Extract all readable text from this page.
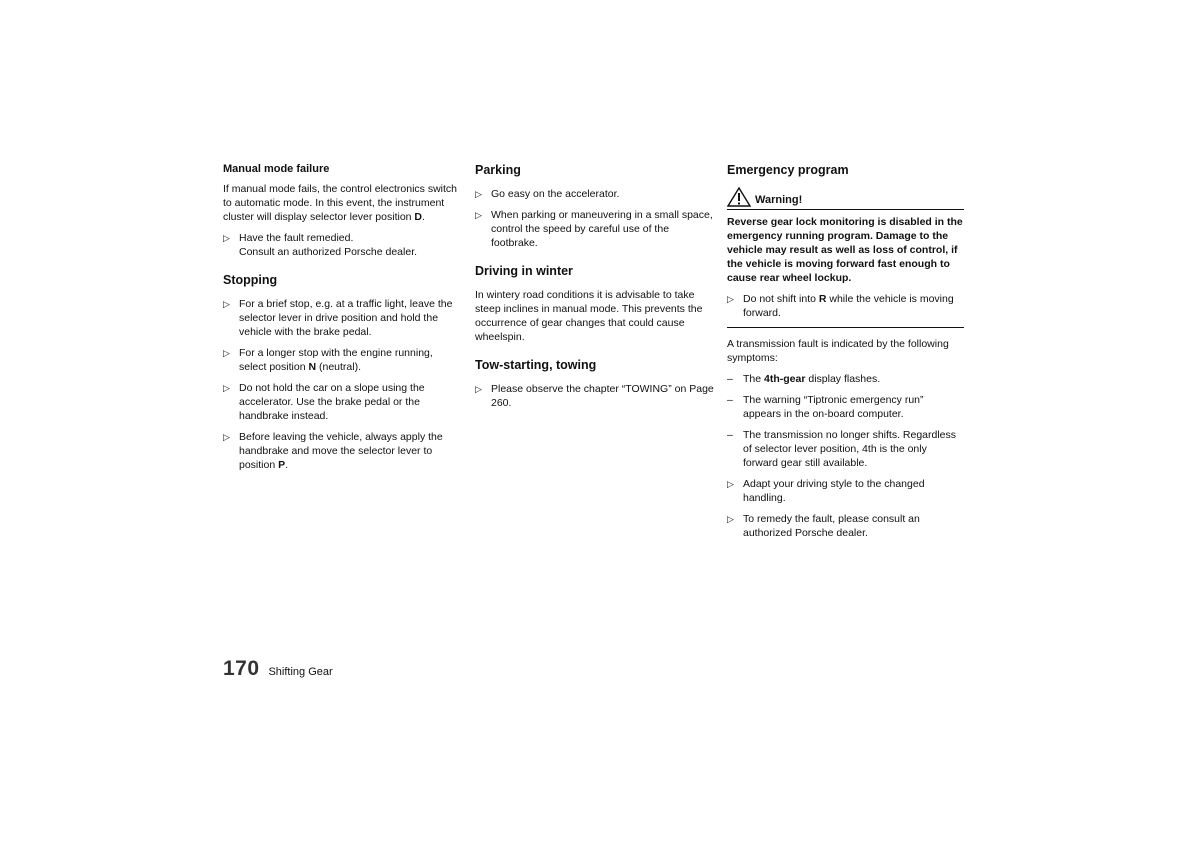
Manual mode failure

If manual mode fails, the control electronics switch to automatic mode. In this event, the instrument cluster will display selector lever position D.

▷ Have the fault remedied.
Consult an authorized Porsche dealer.
Stopping
▷ For a brief stop, e.g. at a traffic light, leave the selector lever in drive position and hold the vehicle with the brake pedal.
▷ For a longer stop with the engine running, select position N (neutral).
▷ Do not hold the car on a slope using the accelerator. Use the brake pedal or the handbrake instead.
▷ Before leaving the vehicle, always apply the handbrake and move the selector lever to position P.
Parking
▷ Go easy on the accelerator.
▷ When parking or maneuvering in a small space, control the speed by careful use of the footbrake.
Driving in winter

In wintery road conditions it is advisable to take steep inclines in manual mode. This prevents the occurrence of gear changes that could cause wheelspin.

Tow-starting, towing
▷ Please observe the chapter “TOWING” on Page 260.
Emergency program
Warning!
Reverse gear lock monitoring is disabled in the emergency running program. Damage to the vehicle may result as well as loss of control, if the vehicle is moving forward fast enough to cause rear wheel lockup.
▷ Do not shift into R while the vehicle is moving forward.

A transmission fault is indicated by the following symptoms:

– The 4th-gear display flashes.
– The warning “Tiptronic emergency run” appears in the on-board computer.
– The transmission no longer shifts. Regardless of selector lever position, 4th is the only forward gear still available.
▷ Adapt your driving style to the changed handling.
▷ To remedy the fault, please consult an authorized Porsche dealer.
170 Shifting Gear
